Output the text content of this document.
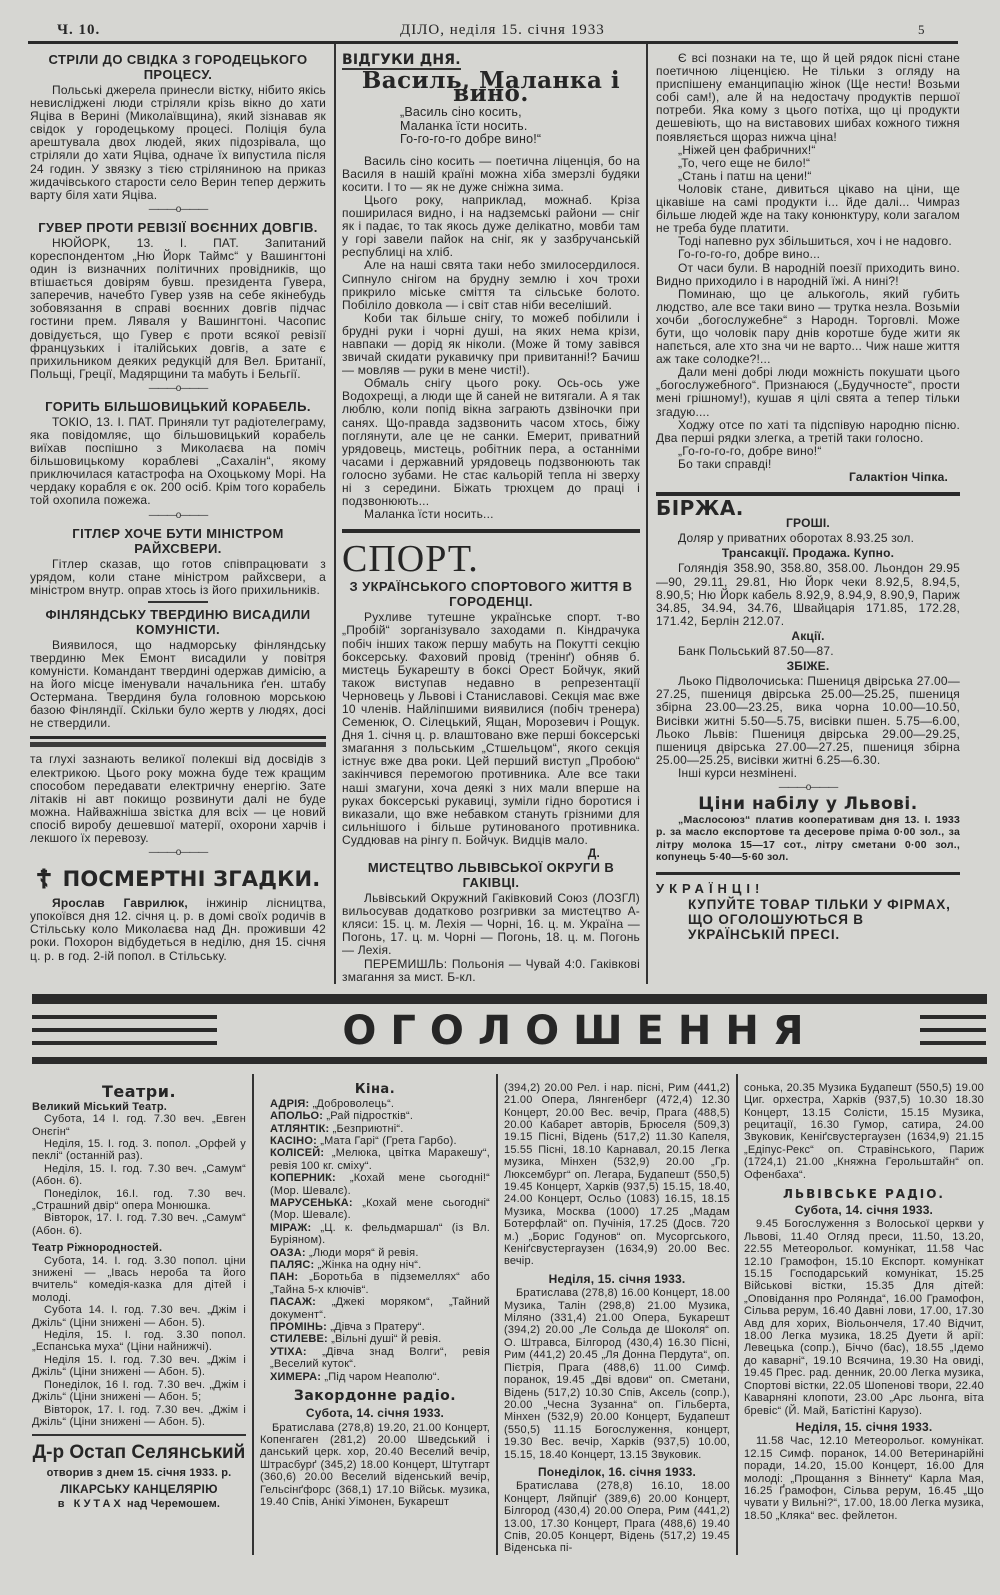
Ч. 10.	ДІЛО, неділя 15. січня 1933	5
СТРІЛИ ДО СВІДКА З ГОРОДЕЦЬКОГО ПРОЦЕСУ.

Польські джерела принесли вістку, нібито якісь невислідженi люди стріляли крізь вікно до хати Яціва в Верині (Миколаївщина), який зізнавав як свідок у городецькому процесі. Поліція була арештувала двох людей, яких підозрівала, що стріляли до хати Яціва, одначе їх випустила після 24 годин. У звязку з тією стріляниною на приказ жидачівського старости село Верин тепер держить варту біля хати Яціва.

———o———
ГУВЕР ПРОТИ РЕВІЗІЇ ВОЄННИХ ДОВГІВ.

НЮЙОРК, 13. І. ПАТ. Запитаний кореспондентом „Ню Йорк Таймс“ у Вашингтоні один із визначних політичних провідників, що втішається довірям бувш. президента Гувера, заперечив, начебто Гувер узяв на себе якінебудь зобовязання в справі воєнних довгів підчас гостини прем. Ляваля у Вашингтоні. Часопис довідується, що Гувер є проти всякої ревізії французьких і італійських довгів, а зате є прихильником деяких редукцій для Вел. Британії, Польщі, Греції, Мадярщини та мабуть і Бельгії.

———o———
ГОРИТЬ БІЛЬШОВИЦЬКИЙ КОРАБЕЛЬ.

ТОКІО, 13. І. ПАТ. Приняли тут радіотелеграму, яка повідомляє, що більшовицький корабель виїхав поспішно з Миколаєва на поміч більшовицькому кораблеві „Сахалін“, якому приключилася катастрофа на Охоцькому Морі. На чердаку корабля є ок. 200 осіб. Крім того корабель той охопила пожежа.

———o———
ГІТЛЄР ХОЧЕ БУТИ МІНІСТРОМ РАЙХСВЕРИ.

Гітлер сказав, що готов співпрацювати з урядом, коли стане міністром райхсвери, а міністром внутр. оправ хтось із його прихильників.

ФІНЛЯНДСЬКУ ТВЕРДИНЮ ВИСАДИЛИ КОМУНІСТИ.

Виявилося, що надморську фінляндську твердиню Мек Емонт висадили у повітря комуністи. Командант твердині одержав димісію, а на його місце іменували начальника ґен. штабу Остермана. Твердиня була головною морською базою Фінляндії. Скільки було жертв у людях, досі не ствердили.

та глухі зазнають великої полекші від досвідів з електрикою. Цього року можна буде теж кращим способом передавати електричну енергію. Зате літаків ні авт покищо розвинути далі не буде можна. Найважніша звістка для всіх — це новий спосіб виробу дешевшої матерії, охорони харчів і лекшого їх перевозу.

———o———
☦ ПОСМЕРТНІ ЗГАДКИ.

Ярослав Гаврилюк, інжинір лісництва, упокоївся дня 12. січня ц. р. в домі своїх родичів в Стільську коло Миколаєва над Дн. проживши 42 роки. Похорон відбудеться в неділю, дня 15. січня ц. р. в год. 2-ій попол. в Стільську.

ВІДГУКИ ДНЯ.
Василь, Маланка і вино.
„Василь сіно косить,
Маланка їсти носить.
Го-го-го-го добре вино!“

Василь сіно косить — поетична ліценція, бо на Василя в нашій країні можна хіба змерзлі будяки косити. І то — як не дуже сніжна зима.

Цього року, наприклад, можнаб. Кріза поширилася видно, і на надземські райони — сніг як і падає, то так якось дуже делікатно, мовби там у горі завели пайок на сніг, як у зазбручанській республиці на хліб.

Але на наші свята таки небо змилосердилося. Сипнуло снігом на брудну землю і хоч трохи прикрило міське сміття та сільське болото. Побіліло довкола — і світ став ніби веселіший.

Коби так більше снігу, то можеб побілили і брудні руки і чорні душі, на яких нема крізи, навпаки — дорід як ніколи. (Може й тому завівся звичай скидати рукавичку при привитанні!? Бачиш — мовляв — руки в мене чисті!).

Обмаль снігу цього року. Ось-ось уже Водохрещі, а люди ще й саней не витягали. А я так люблю, коли попід вікна заграють дзвіночки при санях. Що-правда задзвонить часом хтось, біжу поглянути, але це не санки. Емерит, приватний урядовець, мистець, робітник пера, а останніми часами і державний урядовець подзвонюють так голосно зубами. Не стає кальорій тепла ні зверху ні з середини. Біжать трюхцем до праці і подзвонюють...

Маланка їсти носить...

СПОРТ.
З УКРАЇНСЬКОГО СПОРТОВОГО ЖИТТЯ В ГОРОДЕНЦІ.

Рухливе тутешне українське спорт. т-во „Пробій“ зорганізувало заходами п. Кіндрачука побіч інших також першу мабуть на Покутті секцію боксерську. Фаховий провід (тренінґ) обняв б. мистець Букарешту в боксі Орест Бойчук, який також виступав недавно в репрезентації Черновець у Львові і Станиславові. Секція має вже 10 членів. Найліпшими виявилися (побіч тренера) Семенюк, О. Сілецький, Ящан, Морозевич і Рощук. Дня 1. січня ц. р. влаштовано вже перші боксерські змагання з польським „Стшельцом“, якого секція істнує вже два роки. Цей перший виступ „Пробою“ закінчився перемогою противника. Але все таки наші змагуни, хоча деякі з них мали вперше на руках боксерські рукавиці, зуміли гідно боротися і виказали, що вже небавком стануть грізними для сильнішого і більше рутинованого противника. Суддював на рінгу п. Бойчук. Видців мало.

Д.
МИСТЕЦТВО ЛЬВІВСЬКОЇ ОКРУГИ В ГАКІВЦІ.

Львівський Окружний Гаківковий Союз (ЛОЗГЛ) вильосував додатково розгривки за мистецтво А-кляси: 15. ц. м. Лехія — Чорні, 16. ц. м. Україна — Погонь, 17. ц. м. Чорні — Погонь, 18. ц. м. Погонь — Лехія.

ПЕРЕМИШЛЬ: Польонія — Чувай 4:0. Гаківкові змагання за мист. Б-кл.

Є всі познаки на те, що й цей рядок пісні стане поетичною ліценцією. Не тільки з огляду на приспішену еманципацію жінок (Ще нести! Возьми собі сам!), але й на недостачу продуктів першої потреби. Яка кому з цього потіха, що ці продукти дешевіють, що на виставових шибах кожного тижня появляється щораз нижча ціна!

„Ніжей цен фабричних!“

„То, чего еще не било!“

„Стань і патш на цени!“

Чоловік стане, дивиться цікаво на ціни, ще цікавіше на самі продукти і... йде далі... Чимраз більше людей жде на таку конюнктуру, коли загалом не треба буде платити.

Тоді напевно рух збільшиться, хоч і не надовго.

Го-го-го-го, добре вино...

От часи були. В народній поезії приходить вино. Видно приходило і в народній їжі. А нині?!

Поминаю, що це алькоголь, який губить людство, але все таки вино — трутка незла. Возьміи хочби „богослужебне“ з Народн. Торговлі. Може бути, що чоловік пару днів коротше буде жити як напється, але хто зна чи не варто... Чиж наше життя аж таке солодке?!...

Дали мені добрі люди можність покушати цього „богослужебного“. Признаюся („Будучносте“, прости мені грішному!), кушав я цілі свята а тепер тільки згадую....

Ходжу отсе по хаті та підспівую народню пісню. Два перші рядки злегка, а третій таки голосно.

„Го-го-го-го, добре вино!“

Бо таки справді!

Галактіон Чіпка.
БІРЖА.
ГРОШІ.

Доляр у приватних оборотах 8.93.25 зол.

Трансакції. Продажа. Купно.

Голяндія 358.90, 358.80, 358.00. Льондон 29.95—90, 29.11, 29.81, Ню Йорк чеки 8.92,5, 8.94,5, 8.90,5; Ню Йорк кабель 8.92,9, 8.94,9, 8.90,9, Париж 34.85, 34.94, 34.76, Швайцарія 171.85, 172.28, 171.42, Берлін 212.07.

Акції.

Банк Польський 87.50—87.

ЗБІЖЕ.

Льоко Підволочиська: Пшениця двірська 27.00—27.25, пшениця двірська 25.00—25.25, пшениця збірна 23.00—23.25, вика чорна 10.00—10.50, Висівки житні 5.50—5.75, висівки пшен. 5.75—6.00, Льоко Львів: Пшениця двірська 29.00—29.25, пшениця двірська 27.00—27.25, пшениця збірна 25.00—25.25, висівки житні 6.25—6.30.

Інші курси незмінені.

———o———
Ціни набілу у Львові.

„Маслосоюз“ платив кооперативам дня 13. І. 1933 р. за масло експортове та десерове пріма 0·00 зол., за літру молока 15—17 сот., літру сметани 0·00 зол., копунець 5·40—5·60 зол.

УКРАЇНЦІ!
КУПУЙТЕ ТОВАР ТІЛЬКИ У ФІРМАХ, ЩО ОГОЛОШУЮТЬСЯ В УКРАЇНСЬКІЙ ПРЕСІ.
ОГОЛОШЕННЯ
Театри.
Великий Міський Театр.

Субота, 14 І. год. 7.30 веч. „Евген Онєгін“

Неділя, 15. І. год. 3. попол. „Орфей у пеклі“ (останній раз).

Неділя, 15. І. год. 7.30 веч. „Самум“ (Абон. 6).

Понеділок, 16.І. год. 7.30 веч. „Страшний двір“ опера Монюшка.

Вівторок, 17. І. год. 7.30 веч. „Самум“ (Абон. 6).

Театр Ріжнородностей.

Субота, 14. І. год. 3.30 попол. ціни знижені — „Івась нероба та його вчитель“ комедія-казка для дітей і молоді.

Субота 14. І. год. 7.30 веч. „Джім і Джіль“ (Ціни знижені — Абон. 5).

Неділя, 15. І. год. 3.30 попол. „Еспанська муха“ (Ціни найнижчі).

Неділя 15. І. год. 7.30 веч. „Джім і Джіль“ (Ціни знижені — Абон. 5).

Понеділок, 16 І. год. 7.30 веч. „Джім і Джіль“ (Ціни знижені — Абон. 5;

Вівторок, 17. І. год. 7.30 веч. „Джім і Джіль“ (Ціни знижені — Абон. 5).

Д-р Остап Селянський
отворив з днем 15. січня 1933. р.
ЛІКАРСЬКУ КАНЦЕЛЯРІЮ
в КУТАХ над Черемошем.
Кіна.

АДРІЯ: „Доброволець“.

АПОЛЬО: „Рай підростків“.

АТЛЯНТІК: „Безприютні“.

КАСІНО: „Мата Гарі“ (Грета Гарбо).

КОЛІСЕЙ: „Мелюка, цвітка Маракешу“, ревія 100 кг. сміху“.

КОПЕРНИК: „Кохай мене сьогодні!“ (Мор. Шевалє).

МАРУСЕНЬКА: „Кохай мене сьогодні“ (Мор. Шевалє).

МІРАЖ: „Ц. к. фельдмаршал“ (із Вл. Буріяном).

ОАЗА: „Люди моря“ й ревія.

ПАЛЯС: „Жінка на одну ніч“.

ПАН: „Боротьба в підземеллях“ або „Тайна 5-х ключів“.

ПАСАЖ: „Джекі моряком“, „Тайний документ“.

ПРОМІНЬ: „Дівча з Пратеру“.

СТИЛЕВЕ: „Вільні душі“ й ревія.

УТІХА: „Дівча знад Волги“, ревія „Веселий куток“.

ХИМЕРА: „Під чаром Неаполю“.

Закордонне радіо.
Субота, 14. січня 1933.

Братислава (278,8) 19.20, 21.00 Концерт, Копенгаген (281,2) 20.00 Шведський і данський церк. хор, 20.40 Веселий вечір, Штрасбурґ (345,2) 18.00 Концерт, Штутгарт (360,6) 20.00 Веселий віденський вечір, Гельсінґфорс (368,1) 17.10 Військ. музика, 19.40 Спів, Анікі Уімонен, Букарешт

(394,2) 20.00 Рел. і нар. пісні, Рим (441,2) 21.00 Опера, Лянгенберг (472,4) 12.30 Концерт, 20.00 Вес. вечір, Прага (488,5) 20.00 Кабарет авторів, Брюселя (509,3) 19.15 Пісні, Відень (517,2) 11.30 Капеля, 15.55 Пісні, 18.10 Карнавал, 20.15 Легка музика, Мінхен (532,9) 20.00 „Гр. Люксембург“ оп. Легара, Будапешт (550,5) 19.45 Концерт, Харків (937,5) 15.15, 18.40, 24.00 Концерт, Осльо (1083) 16.15, 18.15 Музика, Москва (1000) 17.25 „Мадам Ботерфлай“ оп. Пучінія, 17.25 (Досв. 720 м.) „Борис Годунов“ оп. Мусоргського, Кеніґсвустергаузен (1634,9) 20.00 Вес. вечір.

Неділя, 15. січня 1933.

Братислава (278,8) 16.00 Концерт, 18.00 Музика, Талін (298,8) 21.00 Музика, Міляно (331,4) 21.00 Опера, Букарешт (394,2) 20.00 „Ле Сольда де Шоколя“ оп. О. Штравса, Білгород (430,4) 16.30 Пісні, Рим (441,2) 20.45 „Ля Донна Пердута“, оп. Пієтрія, Прага (488,6) 11.00 Симф. поранок, 19.45 „Дві вдови“ оп. Сметани, Відень (517,2) 10.30 Спів, Аксель (сопр.), 20.00 „Чесна Зузанна“ оп. Гільберта, Мінхен (532,9) 20.00 Концерт, Будапешт (550,5) 11.15 Богослуження, концерт, 19.30 Вес. вечір, Харків (937,5) 10.00, 15.15, 18.40 Концерт, 13.15 Звуковик.

Понеділок, 16. січня 1933.

Братислава (278,8) 16.10, 18.00 Концерт, Ляйпціґ (389,6) 20.00 Концерт, Білгород (430,4) 20.00 Опера, Рим (441,2) 13.00, 17.30 Концерт, Прага (488,6) 19.40 Спів, 20.05 Концерт, Відень (517,2) 19.45 Віденська пі-

сонька, 20.35 Музика Будапешт (550,5) 19.00 Циг. орхестра, Харків (937,5) 10.30 18.30 Концерт, 13.15 Солісти, 15.15 Музика, рецитації, 16.30 Гумор, сатира, 24.00 Звуковик, Кеніґсвустергаузен (1634,9) 21.15 „Едіпус-Рекс“ оп. Стравінського, Париж (1724,1) 21.00 „Княжна Герольштайн“ оп. Офенбаха“.

ЛЬВІВСЬКЕ РАДІО.
Субота, 14. січня 1933.

9.45 Богослуження з Волоської церкви у Львові, 11.40 Огляд преси, 11.50, 13.20, 22.55 Метеорольог. комунікат, 11.58 Час 12.10 Грамофон, 15.10 Експорт. комунікат 15.15 Господарський комунікат, 15.25 Військові вістки, 15.35 Для дітей: „Оповідання про Роляндa“, 16.00 Грамофон, Сільва рерум, 16.40 Давні лови, 17.00, 17.30 Авд для хорих, Віольончеля, 17.40 Відчит, 18.00 Легка музика, 18.25 Дуети й арії: Левецька (сопр.), Біччо (бас), 18.55 „Ідемо до каварні“, 19.10 Всячина, 19.30 На овиді, 19.45 Прес. рад. денник, 20.00 Легка музика, Спортові вістки, 22.05 Шопенові твори, 22.40 Каварняні клопоти, 23.00 „Арс льонга, віта бревіс“ (Й. Май, Батістіні Карузо).

Неділя, 15. січня 1933.

11.58 Час, 12.10 Метеорольог. комунікат. 12.15 Симф. поранок, 14.00 Ветеринарійні поради, 14.20, 15.00 Концерт, 16.00 Для молоді: „Прощання з Віннету“ Карла Мая, 16.25 Ґрамофон, Сільва рерум, 16.45 „Що чувати у Вильні?“, 17.00, 18.00 Легка музика, 18.50 „Кляка“ вес. фейлетон.
